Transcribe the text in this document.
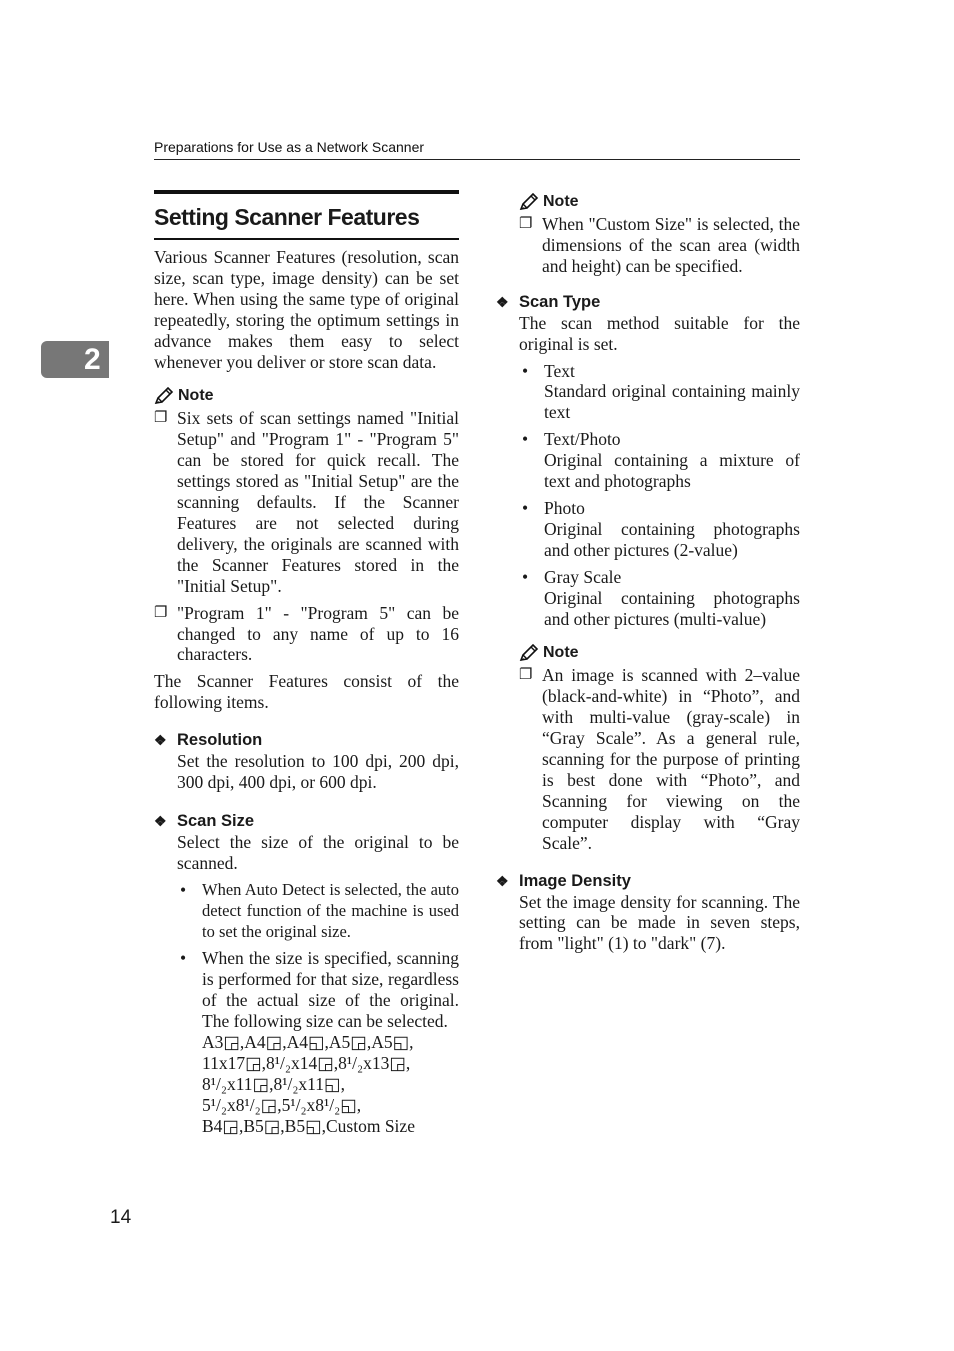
Preparations for Use as a Network Scanner
2
Setting Scanner Features

Various Scanner Features (resolution, scan size, scan type, image density) can be set here. When using the same type of original repeatedly, storing the optimum settings in advance makes them easy to select whenever you deliver or store scan data.

Note
❐ Six sets of scan settings named "Initial Setup" and "Program 1" - "Program 5" can be stored for quick recall. The settings stored as "Initial Setup" are the scanning defaults. If the Scanner Features are not selected during delivery, the originals are scanned with the Scanner Features stored in the "Initial Setup".
❐ "Program 1" - "Program 5" can be changed to any name of up to 16 characters.

The Scanner Features consist of the following items.

❖ Resolution

Set the resolution to 100 dpi, 200 dpi, 300 dpi, 400 dpi, or 600 dpi.

❖ Scan Size

Select the size of the original to be scanned.

• When Auto Detect is selected, the auto detect function of the machine is used to set the original size.
• When the size is specified, scanning is performed for that size, regardless of the actual size of the original. The following size can be selected.
A3◲,A4◲,A4◱,A5◲,A5◱,
11x17◲,8¹/₂x14◲,8¹/₂x13◲,
8¹/₂x11◲,8¹/₂x11◱,
5¹/₂x8¹/₂◲,5¹/₂x8¹/₂◱,
B4◲,B5◲,B5◱,Custom Size
Note
❐ When "Custom Size" is selected, the dimensions of the scan area (width and height) can be specified.
❖ Scan Type

The scan method suitable for the original is set.

• Text
Standard original containing mainly text
• Text/Photo
Original containing a mixture of text and photographs
• Photo
Original containing photographs and other pictures (2-value)
• Gray Scale
Original containing photographs and other pictures (multi-value)
Note
❐ An image is scanned with 2–value (black-and-white) in “Photo”, and with multi-value (gray-scale) in “Gray Scale”. As a general rule, scanning for the purpose of printing is best done with “Photo”, and Scanning for viewing on the computer display with “Gray Scale”.
❖ Image Density

Set the image density for scanning. The setting can be made in seven steps, from "light" (1) to "dark" (7).

14
